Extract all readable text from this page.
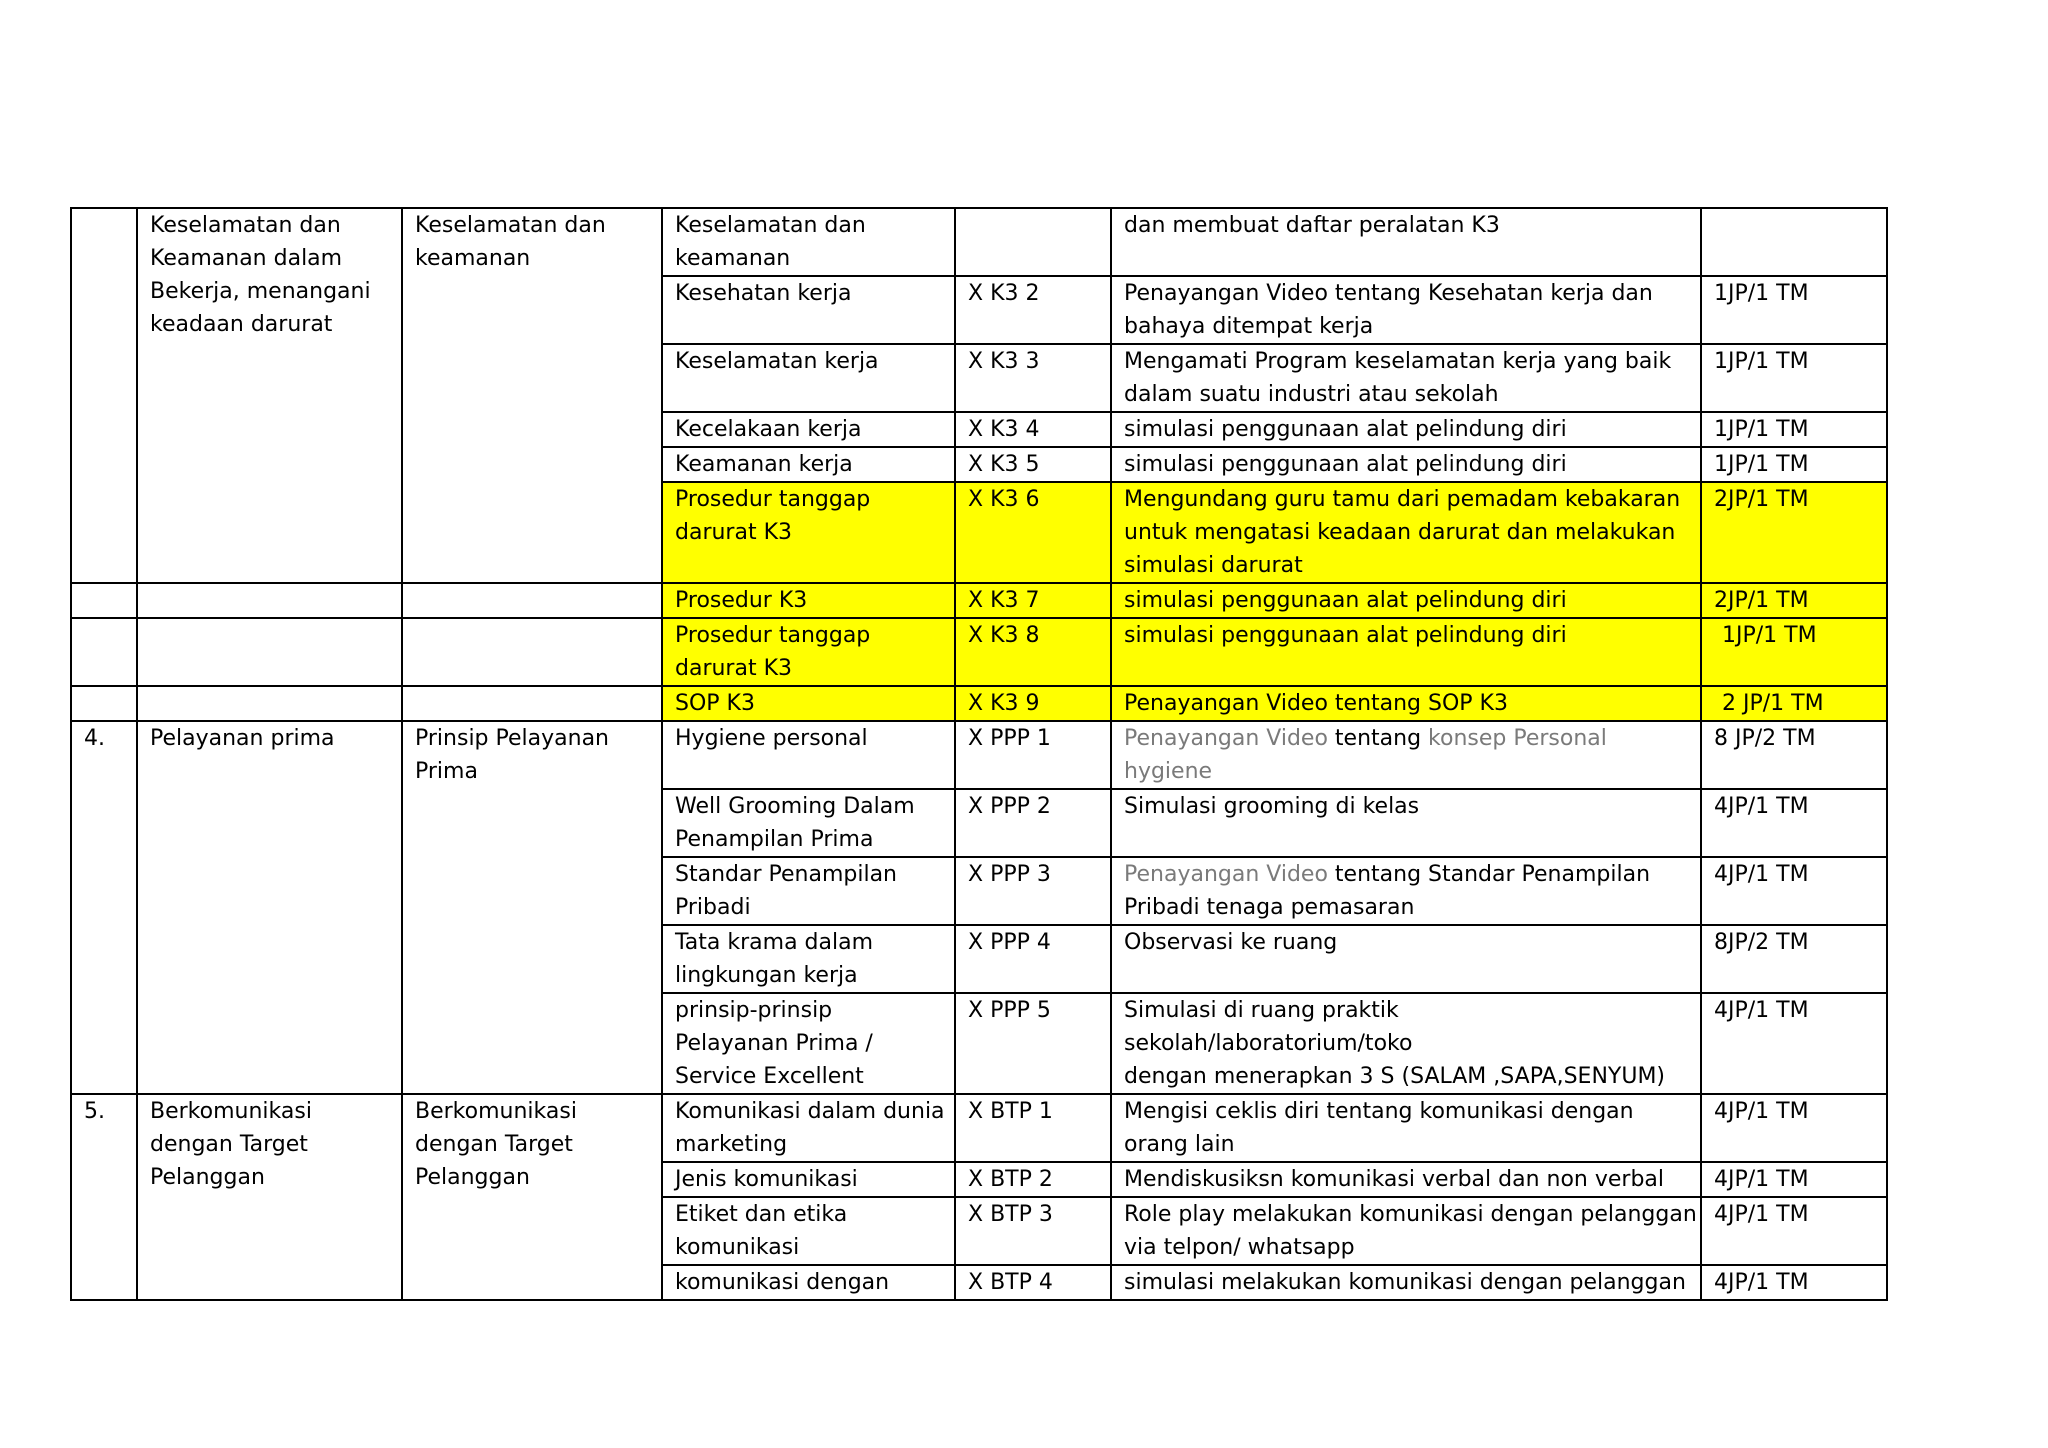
	Keselamatan dan
Keamanan dalam
Bekerja, menangani
keadaan darurat	Keselamatan dan
keamanan	Keselamatan dan
keamanan		dan membuat daftar peralatan K3	

			Kesehatan kerja	X K3 2	Penayangan Video tentang Kesehatan kerja dan
bahaya ditempat kerja	1JP/1 TM

			Keselamatan kerja	X K3 3	Mengamati Program keselamatan kerja yang baik
dalam suatu industri atau sekolah	1JP/1 TM

			Kecelakaan kerja	X K3 4	simulasi penggunaan alat pelindung diri	1JP/1 TM

			Keamanan kerja	X K3 5	simulasi penggunaan alat pelindung diri	1JP/1 TM

			Prosedur tanggap
darurat K3	X K3 6	Mengundang guru tamu dari pemadam kebakaran
untuk mengatasi keadaan darurat dan melakukan
simulasi darurat	2JP/1 TM

			Prosedur K3	X K3 7	simulasi penggunaan alat pelindung diri	2JP/1 TM

			Prosedur tanggap
darurat K3	X K3 8	simulasi penggunaan alat pelindung diri	1JP/1 TM

			SOP K3	X K3 9	Penayangan Video tentang SOP K3	2 JP/1 TM
4.	Pelayanan prima	Prinsip Pelayanan
Prima	Hygiene personal	X PPP 1	Penayangan Video tentang konsep Personal
hygiene	8 JP/2 TM

			Well Grooming Dalam
Penampilan Prima	X PPP 2	Simulasi grooming di kelas	4JP/1 TM

			Standar Penampilan
Pribadi	X PPP 3	Penayangan Video tentang Standar Penampilan
Pribadi tenaga pemasaran	4JP/1 TM

			Tata krama dalam
lingkungan kerja	X PPP 4	Observasi ke ruang	8JP/2 TM

			prinsip-prinsip
Pelayanan Prima /
Service Excellent	X PPP 5	Simulasi di ruang praktik
sekolah/laboratorium/toko
dengan menerapkan 3 S (SALAM ,SAPA,SENYUM)	4JP/1 TM
5.	Berkomunikasi
dengan Target
Pelanggan	Berkomunikasi
dengan Target
Pelanggan	Komunikasi dalam dunia
marketing	X BTP 1	Mengisi ceklis diri tentang komunikasi dengan
orang lain	4JP/1 TM

			Jenis komunikasi	X BTP 2	Mendiskusiksn komunikasi verbal dan non verbal	4JP/1 TM

			Etiket dan etika
komunikasi	X BTP 3	Role play melakukan komunikasi dengan pelanggan
via telpon/ whatsapp	4JP/1 TM

			komunikasi dengan	X BTP 4	simulasi melakukan komunikasi dengan pelanggan	4JP/1 TM
